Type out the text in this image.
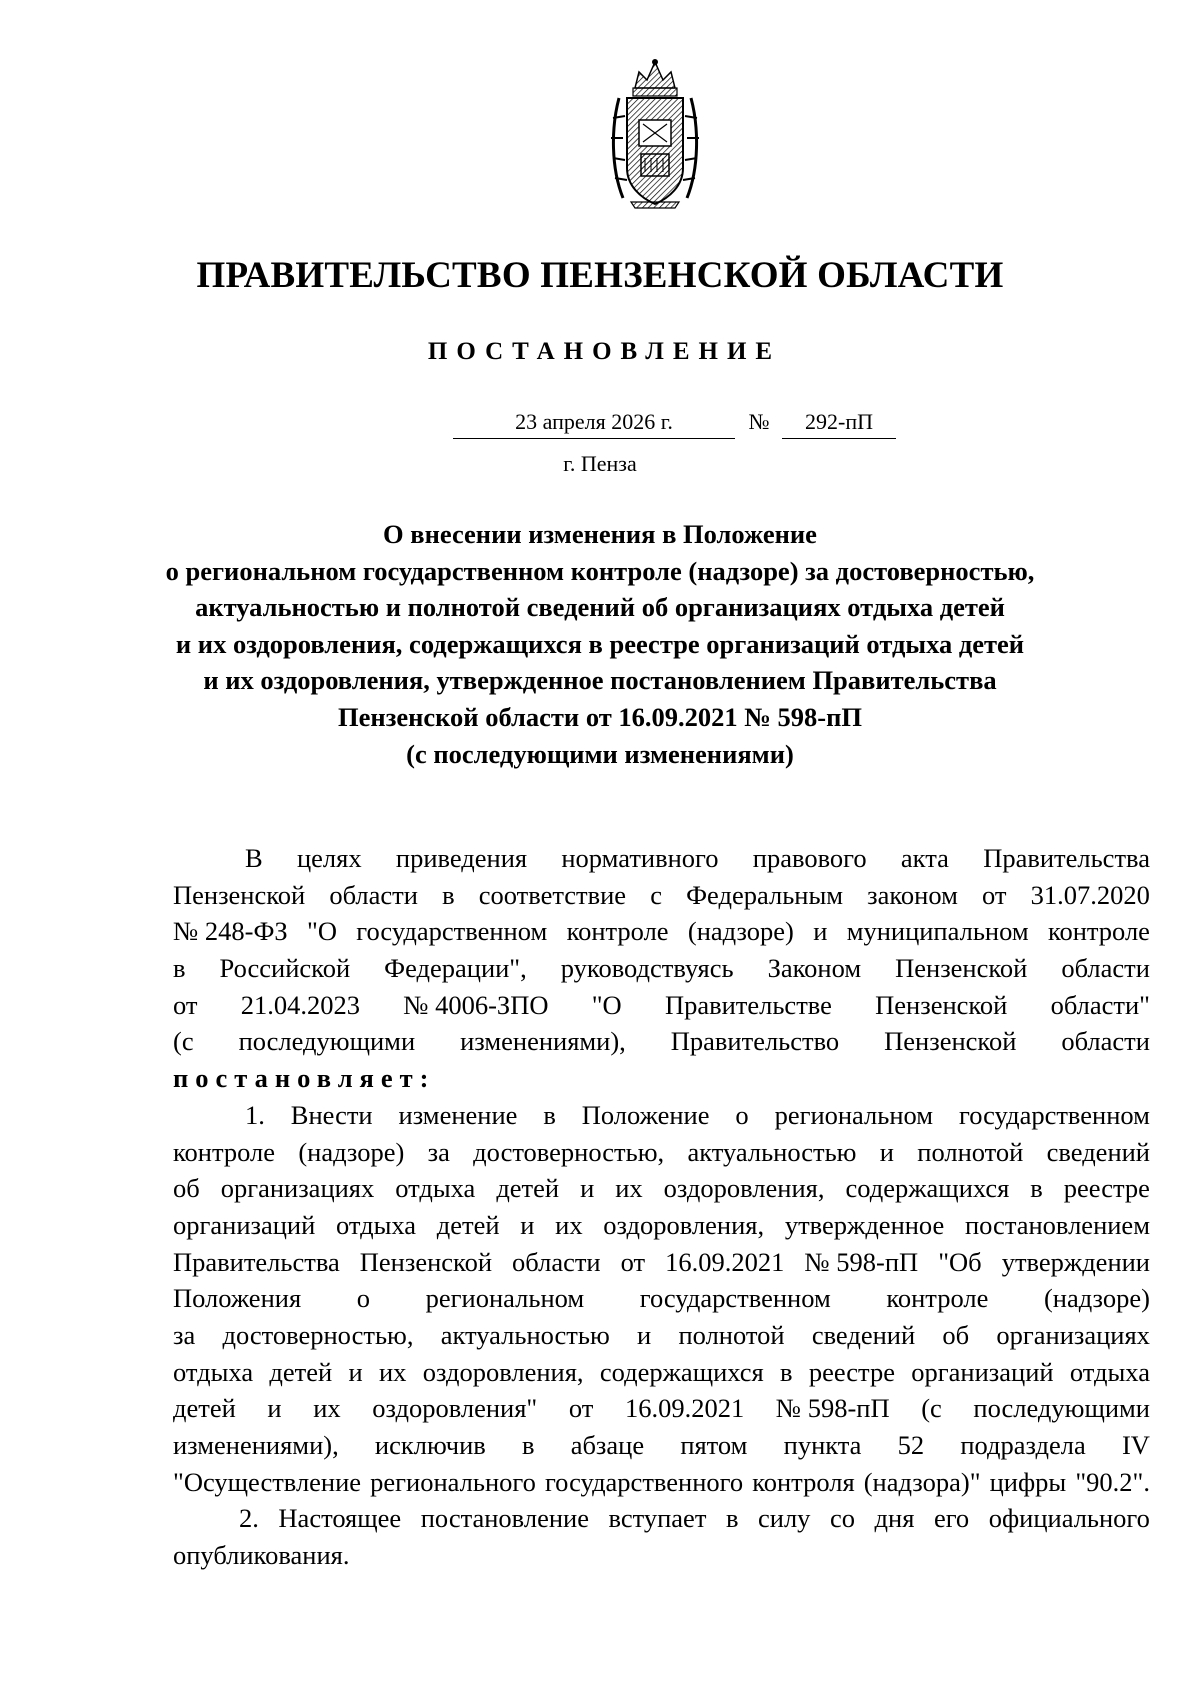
ПРАВИТЕЛЬСТВО ПЕНЗЕНСКОЙ ОБЛАСТИ
ПОСТАНОВЛЕНИЕ
23 апреля 2026 г.	№	292-пП
г. Пенза
О внесении изменения в Положение
о региональном государственном контроле (надзоре) за достоверностью,
актуальностью и полнотой сведений об организациях отдыха детей
и их оздоровления, содержащихся в реестре организаций отдыха детей
и их оздоровления, утвержденное постановлением Правительства
Пензенской области от 16.09.2021 № 598-пП
(с последующими изменениями)
В целях приведения нормативного правового акта Правительства
Пензенской области в соответствие с Федеральным законом от 31.07.2020
№ 248-ФЗ "О государственном контроле (надзоре) и муниципальном контроле
в Российской Федерации", руководствуясь Законом Пензенской области
от 21.04.2023 № 4006-ЗПО "О Правительстве Пензенской области"
(с последующими изменениями), Правительство Пензенской области
постановляет:
1. Внести изменение в Положение о региональном государственном
контроле (надзоре) за достоверностью, актуальностью и полнотой сведений
об организациях отдыха детей и их оздоровления, содержащихся в реестре
организаций отдыха детей и их оздоровления, утвержденное постановлением
Правительства Пензенской области от 16.09.2021 № 598-пП "Об утверждении
Положения о региональном государственном контроле (надзоре)
за достоверностью, актуальностью и полнотой сведений об организациях
отдыха детей и их оздоровления, содержащихся в реестре организаций отдыха
детей и их оздоровления" от 16.09.2021 № 598-пП (с последующими
изменениями), исключив в абзаце пятом пункта 52 подраздела IV
"Осуществление регионального государственного контроля (надзора)" цифры "90.2".
2. Настоящее постановление вступает в силу со дня его официального
опубликования.
